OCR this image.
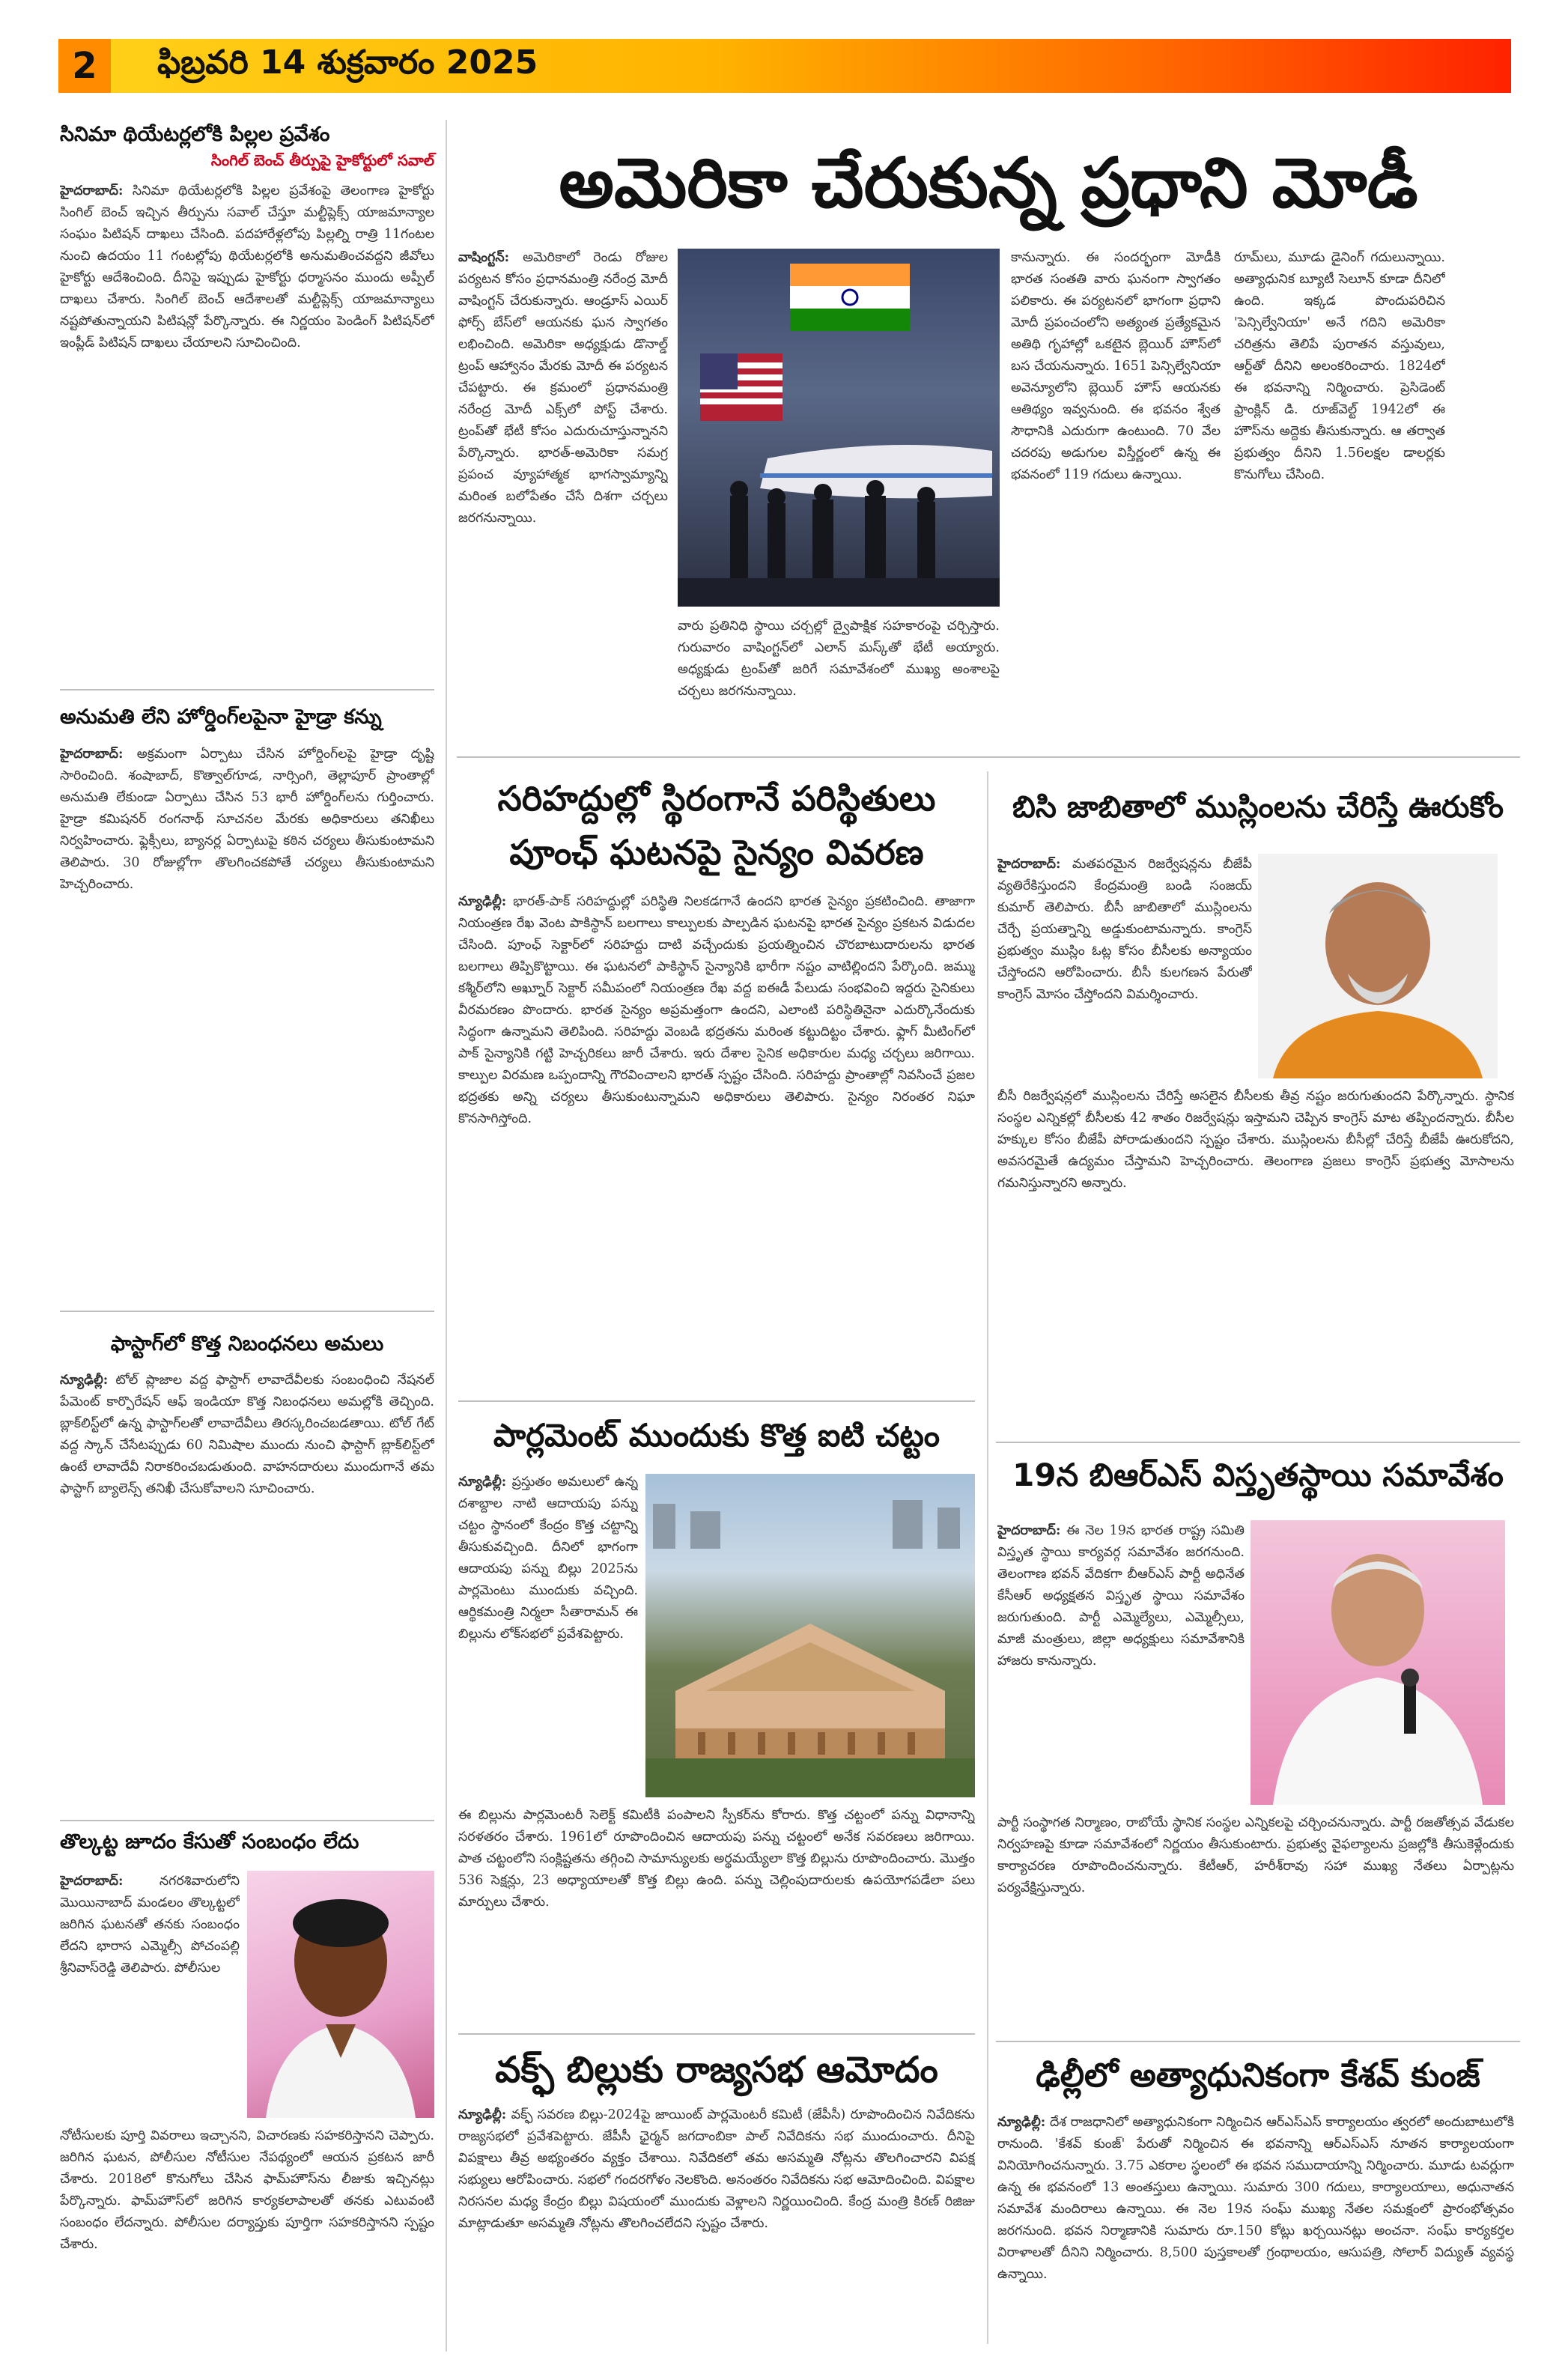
2	ఫిబ్రవరి 14 శుక్రవారం 2025
సినిమా థియేటర్లలోకి పిల్లల ప్రవేశం
సింగిల్ బెంచ్ తీర్పుపై హైకోర్టులో సవాల్
హైదరాబాద్: సినిమా థియేటర్లలోకి పిల్లల ప్రవేశంపై తెలంగాణ హైకోర్టు సింగిల్ బెంచ్ ఇచ్చిన తీర్పును సవాల్ చేస్తూ మల్టీప్లెక్స్ యాజమాన్యాల సంఘం పిటిషన్ దాఖలు చేసింది. పదహారేళ్లలోపు పిల్లల్ని రాత్రి 11గంటల నుంచి ఉదయం 11 గంటల్లోపు థియేటర్లలోకి అనుమతించవద్దని జీవోలు హైకోర్టు ఆదేశించింది. దీనిపై ఇప్పుడు హైకోర్టు ధర్మాసనం ముందు అప్పీల్ దాఖలు చేశారు. సింగిల్ బెంచ్ ఆదేశాలతో మల్టీప్లెక్స్ యాజమాన్యాలు నష్టపోతున్నాయని పిటిషన్లో పేర్కొన్నారు. ఈ నిర్ణయం పెండింగ్ పిటిషన్‌లో ఇంప్లీడ్ పిటిషన్ దాఖలు చేయాలని సూచించింది.
అనుమతి లేని హోర్డింగ్‌లపైనా హైడ్రా కన్ను
హైదరాబాద్: అక్రమంగా ఏర్పాటు చేసిన హోర్డింగ్‌లపై హైడ్రా దృష్టి సారించింది. శంషాబాద్, కొత్వాల్‌గూడ, నార్సింగి, తెల్లాపూర్ ప్రాంతాల్లో అనుమతి లేకుండా ఏర్పాటు చేసిన 53 భారీ హోర్డింగ్‌లను గుర్తించారు. హైడ్రా కమిషనర్ రంగనాథ్ సూచనల మేరకు అధికారులు తనిఖీలు నిర్వహించారు. ఫ్లెక్సీలు, బ్యానర్ల ఏర్పాటుపై కఠిన చర్యలు తీసుకుంటామని తెలిపారు. 30 రోజుల్లోగా తొలగించకపోతే చర్యలు తీసుకుంటామని హెచ్చరించారు.
ఫాస్టాగ్‌లో కొత్త నిబంధనలు అమలు
న్యూఢిల్లీ: టోల్ ప్లాజాల వద్ద ఫాస్టాగ్ లావాదేవీలకు సంబంధించి నేషనల్ పేమెంట్ కార్పొరేషన్ ఆఫ్ ఇండియా కొత్త నిబంధనలు అమల్లోకి తెచ్చింది. బ్లాక్‌లిస్ట్‌లో ఉన్న ఫాస్టాగ్‌లతో లావాదేవీలు తిరస్కరించబడతాయి. టోల్ గేట్ వద్ద స్కాన్ చేసేటప్పుడు 60 నిమిషాల ముందు నుంచి ఫాస్టాగ్ బ్లాక్‌లిస్ట్‌లో ఉంటే లావాదేవీ నిరాకరించబడుతుంది. వాహనదారులు ముందుగానే తమ ఫాస్టాగ్ బ్యాలెన్స్ తనిఖీ చేసుకోవాలని సూచించారు.
తొల్కట్ట జూదం కేసుతో సంబంధం లేదు
హైదరాబాద్:	నగరశివారులోని మొయినాబాద్ మండలం తొల్కట్టలో జరిగిన ఘటనతో తనకు సంబంధం లేదని భారాస ఎమ్మెల్సీ పోచంపల్లి శ్రీనివాస్‌రెడ్డి తెలిపారు. పోలీసుల
నోటీసులకు పూర్తి వివరాలు ఇచ్చానని, విచారణకు సహకరిస్తానని చెప్పారు. జరిగిన ఘటన, పోలీసుల నోటీసుల నేపథ్యంలో ఆయన ప్రకటన జారీ చేశారు. 2018లో కొనుగోలు చేసిన ఫామ్‌హౌస్‌ను లీజుకు ఇచ్చినట్లు పేర్కొన్నారు. ఫామ్‌హౌస్‌లో జరిగిన కార్యకలాపాలతో తనకు ఎటువంటి సంబంధం లేదన్నారు. పోలీసుల దర్యాప్తుకు పూర్తిగా సహకరిస్తానని స్పష్టం చేశారు.
అమెరికా చేరుకున్న ప్రధాని మోడీ
వాషింగ్టన్: అమెరికాలో రెండు రోజుల పర్యటన కోసం ప్రధానమంత్రి నరేంద్ర మోదీ వాషింగ్టన్ చేరుకున్నారు. ఆండ్రూస్ ఎయిర్ ఫోర్స్ బేస్‌లో ఆయనకు ఘన స్వాగతం లభించింది. అమెరికా అధ్యక్షుడు డొనాల్డ్ ట్రంప్ ఆహ్వానం మేరకు మోదీ ఈ పర్యటన చేపట్టారు. ఈ క్రమంలో ప్రధానమంత్రి నరేంద్ర మోదీ ఎక్స్‌లో పోస్ట్ చేశారు. ట్రంప్‌తో భేటీ కోసం ఎదురుచూస్తున్నానని పేర్కొన్నారు. భారత్-అమెరికా సమగ్ర ప్రపంచ వ్యూహాత్మక భాగస్వామ్యాన్ని మరింత బలోపేతం చేసే దిశగా చర్చలు జరగనున్నాయి.
వారు ప్రతినిధి స్థాయి చర్చల్లో ద్వైపాక్షిక సహకారంపై చర్చిస్తారు. గురువారం వాషింగ్టన్‌లో ఎలాన్ మస్క్‌తో భేటీ అయ్యారు. అధ్యక్షుడు ట్రంప్‌తో జరిగే సమావేశంలో ముఖ్య అంశాలపై చర్చలు జరగనున్నాయి.
కానున్నారు. ఈ సందర్భంగా మోడీకి భారత సంతతి వారు ఘనంగా స్వాగతం పలికారు. ఈ పర్యటనలో భాగంగా ప్రధాని మోదీ ప్రపంచంలోని అత్యంత ప్రత్యేకమైన అతిథి గృహాల్లో ఒకటైన బ్లెయిర్ హౌస్‌లో బస చేయనున్నారు. 1651 పెన్సిల్వేనియా అవెన్యూలోని బ్లెయిర్ హౌస్ ఆయనకు ఆతిథ్యం ఇవ్వనుంది. ఈ భవనం శ్వేత సౌధానికి ఎదురుగా ఉంటుంది. 70 వేల చదరపు అడుగుల విస్తీర్ణంలో ఉన్న ఈ భవనంలో 119 గదులు ఉన్నాయి.
రూమ్‌లు, మూడు డైనింగ్ గదులున్నాయి. అత్యాధునిక బ్యూటీ సెలూన్ కూడా దీనిలో ఉంది. ఇక్కడ పొందుపరిచిన 'పెన్సిల్వేనియా' అనే గదిని అమెరికా చరిత్రను తెలిపే పురాతన వస్తువులు, ఆర్ట్‌తో దీనిని అలంకరించారు. 1824లో ఈ భవనాన్ని నిర్మించారు. ప్రెసిడెంట్ ఫ్రాంక్లిన్ డి. రూజ్‌వెల్ట్ 1942లో ఈ హౌస్‌ను అద్దెకు తీసుకున్నారు. ఆ తర్వాత ప్రభుత్వం దీనిని 1.56లక్షల డాలర్లకు కొనుగోలు చేసింది.
సరిహద్దుల్లో స్థిరంగానే పరిస్థితులు పూంఛ్ ఘటనపై సైన్యం వివరణ
న్యూఢిల్లీ: భారత్-పాక్ సరిహద్దుల్లో పరిస్థితి నిలకడగానే ఉందని భారత సైన్యం ప్రకటించింది. తాజాగా నియంత్రణ రేఖ వెంట పాకిస్థాన్ బలగాలు కాల్పులకు పాల్పడిన ఘటనపై భారత సైన్యం ప్రకటన విడుదల చేసింది. పూంఛ్ సెక్టార్‌లో సరిహద్దు దాటి వచ్చేందుకు ప్రయత్నించిన చొరబాటుదారులను భారత బలగాలు తిప్పికొట్టాయి. ఈ ఘటనలో పాకిస్థాన్ సైన్యానికి భారీగా నష్టం వాటిల్లిందని పేర్కొంది. జమ్ము కశ్మీర్‌లోని అఖ్నూర్ సెక్టార్ సమీపంలో నియంత్రణ రేఖ వద్ద ఐఈడీ పేలుడు సంభవించి ఇద్దరు సైనికులు వీరమరణం పొందారు. భారత సైన్యం అప్రమత్తంగా ఉందని, ఎలాంటి పరిస్థితినైనా ఎదుర్కొనేందుకు సిద్ధంగా ఉన్నామని తెలిపింది. సరిహద్దు వెంబడి భద్రతను మరింత కట్టుదిట్టం చేశారు. ఫ్లాగ్ మీటింగ్‌లో పాక్ సైన్యానికి గట్టి హెచ్చరికలు జారీ చేశారు. ఇరు దేశాల సైనిక అధికారుల మధ్య చర్చలు జరిగాయి. కాల్పుల విరమణ ఒప్పందాన్ని గౌరవించాలని భారత్ స్పష్టం చేసింది. సరిహద్దు ప్రాంతాల్లో నివసించే ప్రజల భద్రతకు అన్ని చర్యలు తీసుకుంటున్నామని అధికారులు తెలిపారు. సైన్యం నిరంతర నిఘా కొనసాగిస్తోంది.
బిసి జాబితాలో ముస్లింలను చేరిస్తే ఊరుకోం
హైదరాబాద్: మతపరమైన రిజర్వేషన్లను బీజేపీ వ్యతిరేకిస్తుందని కేంద్రమంత్రి బండి సంజయ్ కుమార్ తెలిపారు. బీసీ జాబితాలో ముస్లింలను చేర్చే ప్రయత్నాన్ని అడ్డుకుంటామన్నారు. కాంగ్రెస్ ప్రభుత్వం ముస్లిం ఓట్ల కోసం బీసీలకు అన్యాయం చేస్తోందని ఆరోపించారు. బీసీ కులగణన పేరుతో కాంగ్రెస్ మోసం చేస్తోందని విమర్శించారు.
బీసీ రిజర్వేషన్లలో ముస్లింలను చేరిస్తే అసలైన బీసీలకు తీవ్ర నష్టం జరుగుతుందని పేర్కొన్నారు. స్థానిక సంస్థల ఎన్నికల్లో బీసీలకు 42 శాతం రిజర్వేషన్లు ఇస్తామని చెప్పిన కాంగ్రెస్ మాట తప్పిందన్నారు. బీసీల హక్కుల కోసం బీజేపీ పోరాడుతుందని స్పష్టం చేశారు. ముస్లింలను బీసీల్లో చేరిస్తే బీజేపీ ఊరుకోదని, అవసరమైతే ఉద్యమం చేస్తామని హెచ్చరించారు. తెలంగాణ ప్రజలు కాంగ్రెస్ ప్రభుత్వ మోసాలను గమనిస్తున్నారని అన్నారు.
పార్లమెంట్ ముందుకు కొత్త ఐటి చట్టం
న్యూఢిల్లీ: ప్రస్తుతం అమలులో ఉన్న దశాబ్దాల నాటి ఆదాయపు పన్ను చట్టం స్థానంలో కేంద్రం కొత్త చట్టాన్ని తీసుకువచ్చింది. దీనిలో భాగంగా ఆదాయపు పన్ను బిల్లు 2025ను పార్లమెంటు ముందుకు వచ్చింది. ఆర్థికమంత్రి నిర్మలా సీతారామన్ ఈ బిల్లును లోక్‌సభలో ప్రవేశపెట్టారు.
ఈ బిల్లును పార్లమెంటరీ సెలెక్ట్ కమిటీకి పంపాలని స్పీకర్‌ను కోరారు. కొత్త చట్టంలో పన్ను విధానాన్ని సరళతరం చేశారు. 1961లో రూపొందించిన ఆదాయపు పన్ను చట్టంలో అనేక సవరణలు జరిగాయి. పాత చట్టంలోని సంక్లిష్టతను తగ్గించి సామాన్యులకు అర్థమయ్యేలా కొత్త బిల్లును రూపొందించారు. మొత్తం 536 సెక్షన్లు, 23 అధ్యాయాలతో కొత్త బిల్లు ఉంది. పన్ను చెల్లింపుదారులకు ఉపయోగపడేలా పలు మార్పులు చేశారు.
వక్ఫ్ బిల్లుకు రాజ్యసభ ఆమోదం
న్యూఢిల్లీ: వక్ఫ్ సవరణ బిల్లు-2024పై జాయింట్ పార్లమెంటరీ కమిటీ (జేపీసీ) రూపొందించిన నివేదికను రాజ్యసభలో ప్రవేశపెట్టారు. జేపీసీ ఛైర్మన్ జగదాంబికా పాల్ నివేదికను సభ ముందుంచారు. దీనిపై విపక్షాలు తీవ్ర అభ్యంతరం వ్యక్తం చేశాయి. నివేదికలో తమ అసమ్మతి నోట్లను తొలగించారని విపక్ష సభ్యులు ఆరోపించారు. సభలో గందరగోళం నెలకొంది. అనంతరం నివేదికను సభ ఆమోదించింది. విపక్షాల నిరసనల మధ్య కేంద్రం బిల్లు విషయంలో ముందుకు వెళ్లాలని నిర్ణయించింది. కేంద్ర మంత్రి కిరణ్ రిజిజు మాట్లాడుతూ అసమ్మతి నోట్లను తొలగించలేదని స్పష్టం చేశారు.
19న బిఆర్ఎస్ విస్తృతస్థాయి సమావేశం
హైదరాబాద్: ఈ నెల 19న భారత రాష్ట్ర సమితి విస్తృత స్థాయి కార్యవర్గ సమావేశం జరగనుంది. తెలంగాణ భవన్ వేదికగా బీఆర్ఎస్ పార్టీ అధినేత కేసీఆర్ అధ్యక్షతన విస్తృత స్థాయి సమావేశం జరుగుతుంది. పార్టీ ఎమ్మెల్యేలు, ఎమ్మెల్సీలు, మాజీ మంత్రులు, జిల్లా అధ్యక్షులు సమావేశానికి హాజరు కానున్నారు.
పార్టీ సంస్థాగత నిర్మాణం, రాబోయే స్థానిక సంస్థల ఎన్నికలపై చర్చించనున్నారు. పార్టీ రజతోత్సవ వేడుకల నిర్వహణపై కూడా సమావేశంలో నిర్ణయం తీసుకుంటారు. ప్రభుత్వ వైఫల్యాలను ప్రజల్లోకి తీసుకెళ్లేందుకు కార్యాచరణ రూపొందించనున్నారు. కేటీఆర్, హరీశ్‌రావు సహా ముఖ్య నేతలు ఏర్పాట్లను పర్యవేక్షిస్తున్నారు.
ఢిల్లీలో అత్యాధునికంగా కేశవ్ కుంజ్
న్యూఢిల్లీ: దేశ రాజధానిలో అత్యాధునికంగా నిర్మించిన ఆర్ఎస్ఎస్ కార్యాలయం త్వరలో అందుబాటులోకి రానుంది. 'కేశవ్ కుంజ్' పేరుతో నిర్మించిన ఈ భవనాన్ని ఆర్ఎస్ఎస్ నూతన కార్యాలయంగా వినియోగించనున్నారు. 3.75 ఎకరాల స్థలంలో ఈ భవన సముదాయాన్ని నిర్మించారు. మూడు టవర్లుగా ఉన్న ఈ భవనంలో 13 అంతస్తులు ఉన్నాయి. సుమారు 300 గదులు, కార్యాలయాలు, అధునాతన సమావేశ మందిరాలు ఉన్నాయి. ఈ నెల 19న సంఘ్ ముఖ్య నేతల సమక్షంలో ప్రారంభోత్సవం జరగనుంది. భవన నిర్మాణానికి సుమారు రూ.150 కోట్లు ఖర్చయినట్లు అంచనా. సంఘ్ కార్యకర్తల విరాళాలతో దీనిని నిర్మించారు. 8,500 పుస్తకాలతో గ్రంథాలయం, ఆసుపత్రి, సోలార్ విద్యుత్ వ్యవస్థ ఉన్నాయి.
